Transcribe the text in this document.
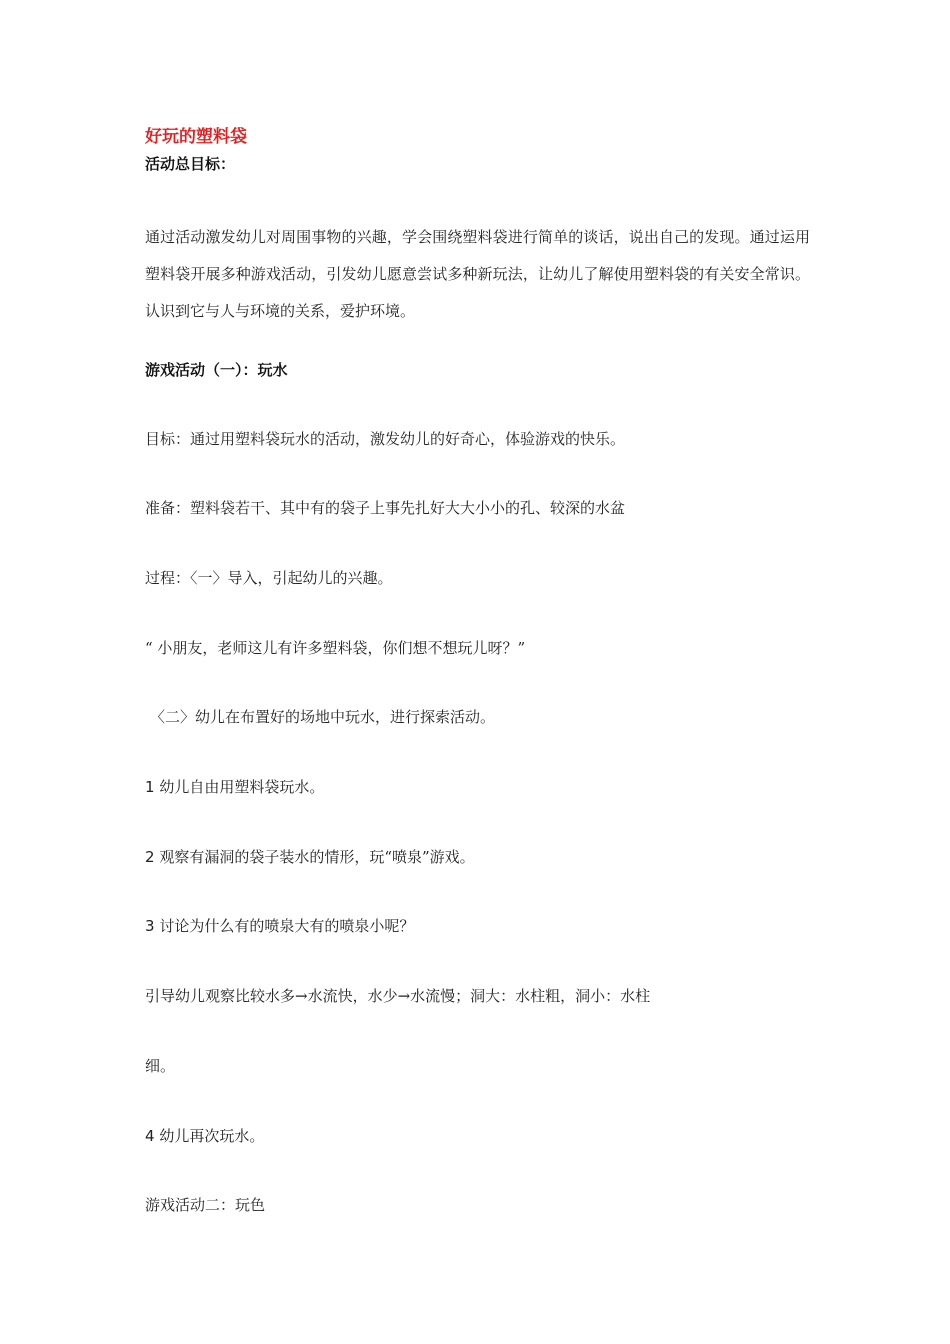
好玩的塑料袋
活动总目标：
通过活动激发幼儿对周围事物的兴趣，学会围绕塑料袋进行简单的谈话，说出自己的发现。通过运用塑料袋开展多种游戏活动，引发幼儿愿意尝试多种新玩法，让幼儿了解使用塑料袋的有关安全常识。认识到它与人与环境的关系，爱护环境。
游戏活动（一）：玩水
目标：通过用塑料袋玩水的活动，激发幼儿的好奇心，体验游戏的快乐。
准备：塑料袋若干、其中有的袋子上事先扎好大大小小的孔、较深的水盆
过程：〈一〉导入，引起幼儿的兴趣。
“ 小朋友，老师这儿有许多塑料袋，你们想不想玩儿呀？”
〈二〉幼儿在布置好的场地中玩水，进行探索活动。
1 幼儿自由用塑料袋玩水。
2 观察有漏洞的袋子装水的情形，玩“喷泉”游戏。
3 讨论为什么有的喷泉大有的喷泉小呢？
引导幼儿观察比较水多→水流快，水少→水流慢；洞大：水柱粗，洞小：水柱
细。
4 幼儿再次玩水。
游戏活动二：玩色
